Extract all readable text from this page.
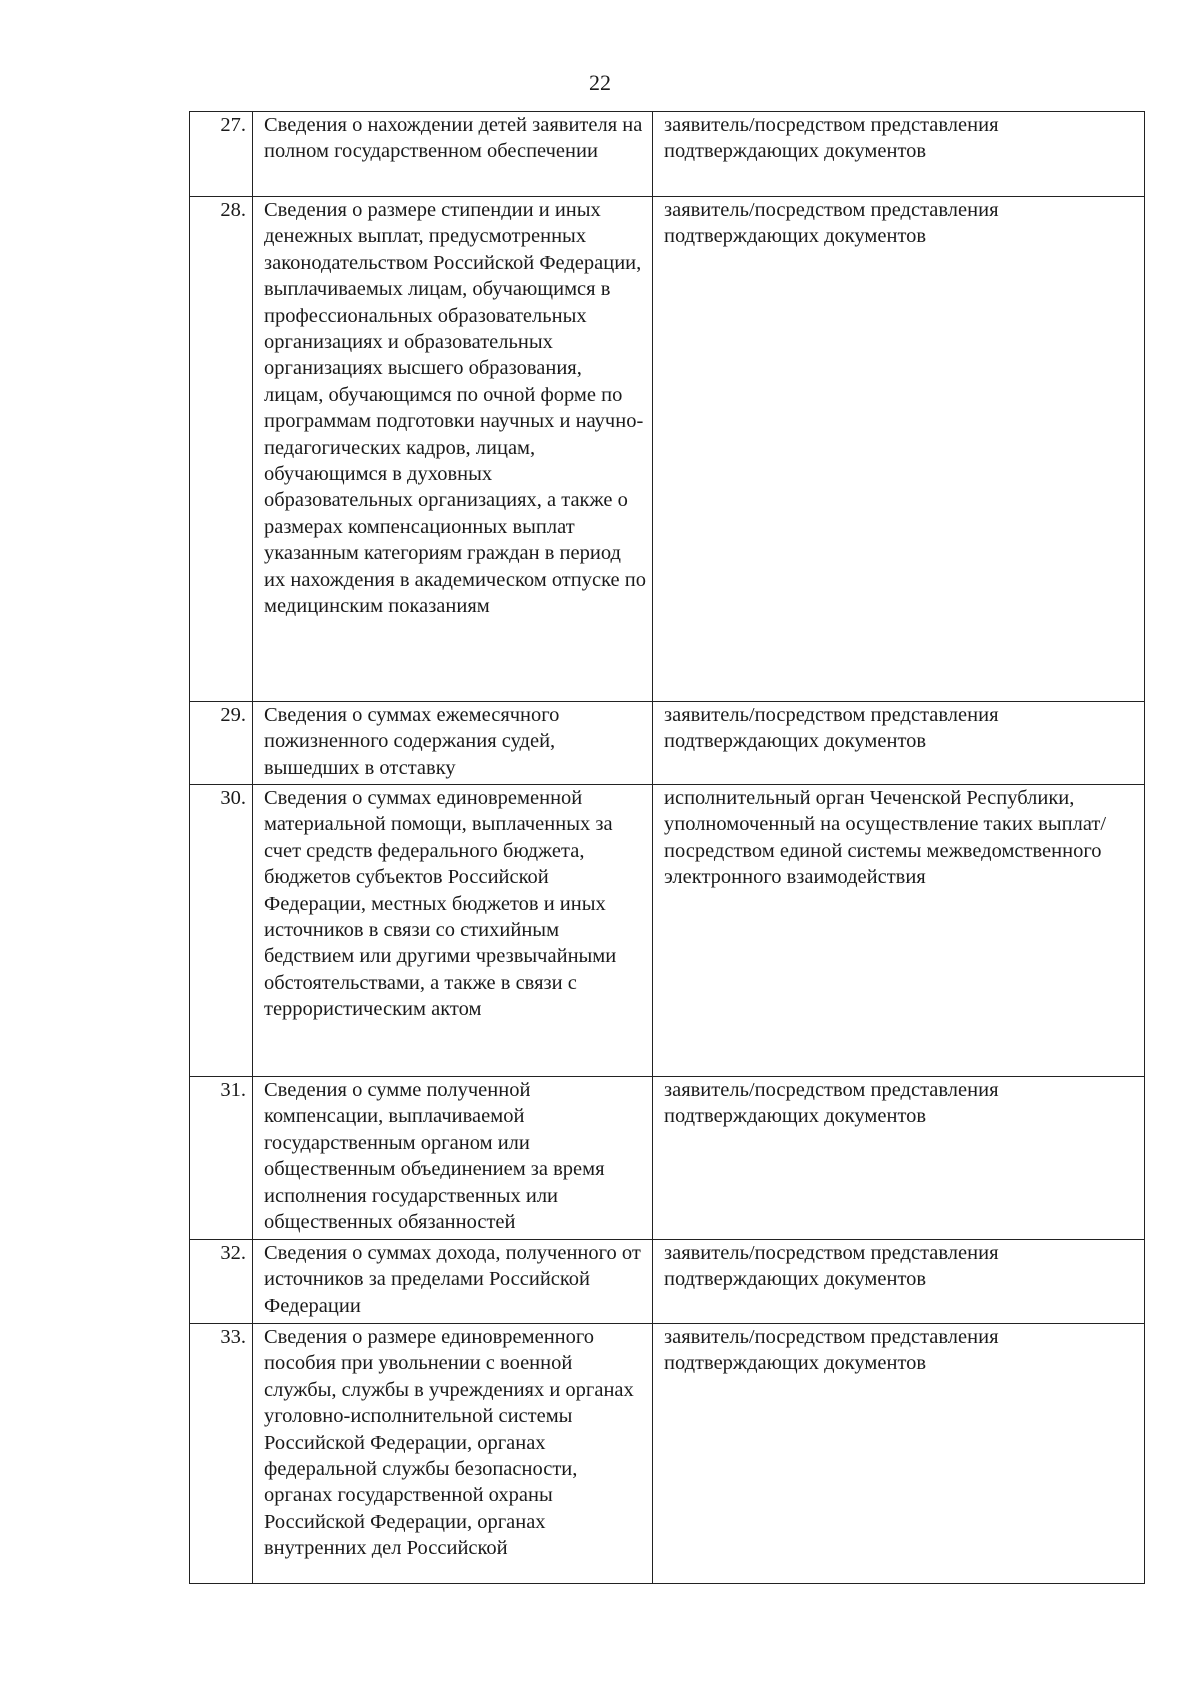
22
27.	Сведения о нахождении детей заявителя на полном государственном обеспечении	заявитель/посредством представления подтверждающих документов
28.	Сведения о размере стипендии и иных денежных выплат, предусмотренных законодательством Российской Федерации, выплачиваемых лицам, обучающимся в профессиональных образовательных организациях и образовательных организациях высшего образования, лицам, обучающимся по очной форме по программам подготовки научных и научно-педагогических кадров, лицам, обучающимся в духовных образовательных организациях, а также о размерах компенсационных выплат указанным категориям граждан в период их нахождения в академическом отпуске по медицинским показаниям	заявитель/посредством представления подтверждающих документов
29.	Сведения о суммах ежемесячного пожизненного содержания судей, вышедших в отставку	заявитель/посредством представления подтверждающих документов
30.	Сведения о суммах единовременной материальной помощи, выплаченных за счет средств федерального бюджета, бюджетов субъектов Российской Федерации, местных бюджетов и иных источников в связи со стихийным бедствием или другими чрезвычайными обстоятельствами, а также в связи с террористическим актом	исполнительный орган Чеченской Республики, уполномоченный на осуществление таких выплат/ посредством единой системы межведомственного электронного взаимодействия
31.	Сведения о сумме полученной компенсации, выплачиваемой государственным органом или общественным объединением за время исполнения государственных или общественных обязанностей	заявитель/посредством представления подтверждающих документов
32.	Сведения о суммах дохода, полученного от источников за пределами Российской Федерации	заявитель/посредством представления подтверждающих документов
33.	Сведения о размере единовременного пособия при увольнении с военной службы, службы в учреждениях и органах уголовно-исполнительной системы Российской Федерации, органах федеральной службы безопасности, органах государственной охраны Российской Федерации, органах внутренних дел Российской	заявитель/посредством представления подтверждающих документов
